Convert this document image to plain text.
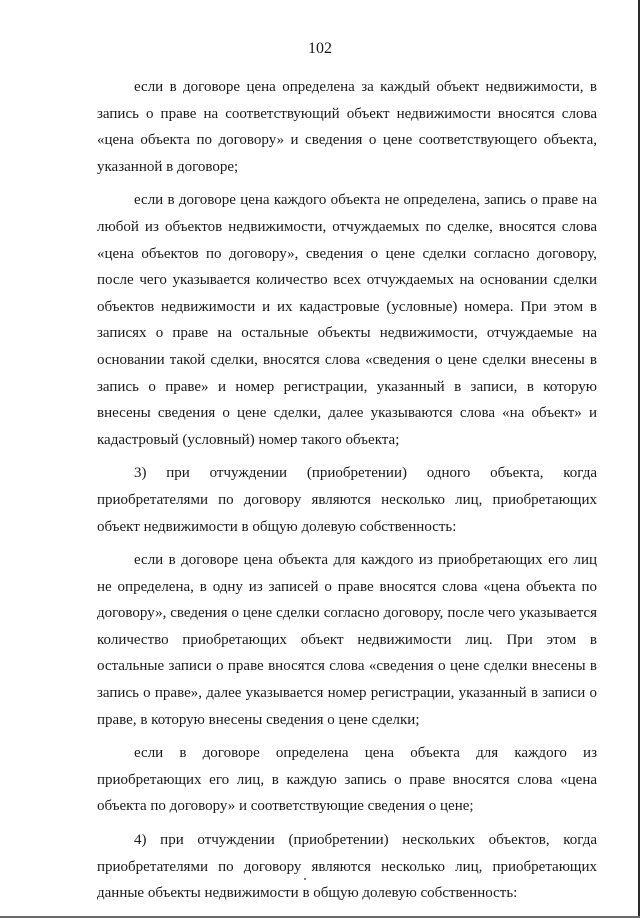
102

если в договоре цена определена за каждый объект недвижимости, в запись о праве на соответствующий объект недвижимости вносятся слова «цена объекта по договору» и сведения о цене соответствующего объекта, указанной в договоре;

если в договоре цена каждого объекта не определена, запись о праве на любой из объектов недвижимости, отчуждаемых по сделке, вносятся слова «цена объектов по договору», сведения о цене сделки согласно договору, после чего указывается количество всех отчуждаемых на основании сделки объектов недвижимости и их кадастровые (условные) номера. При этом в записях о праве на остальные объекты недвижимости, отчуждаемые на основании такой сделки, вносятся слова «сведения о цене сделки внесены в запись о праве» и номер регистрации, указанный в записи, в которую внесены сведения о цене сделки, далее указываются слова «на объект» и кадастровый (условный) номер такого объекта;

3) при отчуждении (приобретении) одного объекта, когда приобретателями по договору являются несколько лиц, приобретающих объект недвижимости в общую долевую собственность:

если в договоре цена объекта для каждого из приобретающих его лиц не определена, в одну из записей о праве вносятся слова «цена объекта по договору», сведения о цене сделки согласно договору, после чего указывается количество приобретающих объект недвижимости лиц. При этом в остальные записи о праве вносятся слова «сведения о цене сделки внесены в запись о праве», далее указывается номер регистрации, указанный в записи о праве, в которую внесены сведения о цене сделки;

если в договоре определена цена объекта для каждого из приобретающих его лиц, в каждую запись о праве вносятся слова «цена объекта по договору» и соответствующие сведения о цене;

4) при отчуждении (приобретении) нескольких объектов, когда приобретателями по договору являются несколько лиц, приобретающих данные объекты недвижимости в общую долевую собственность:
